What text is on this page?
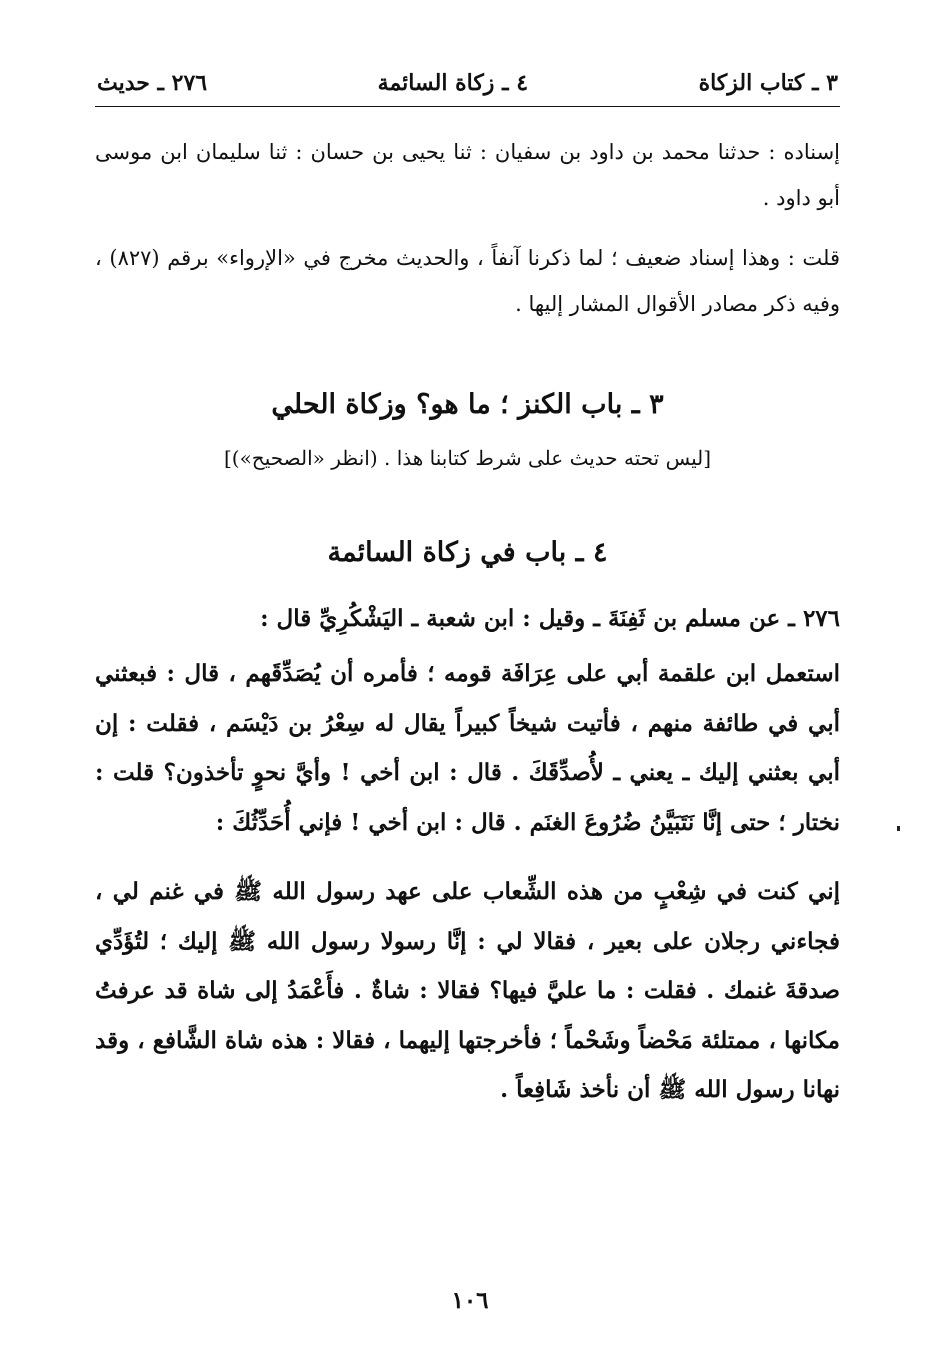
٣ ـ كتاب الزكاة
٤ ـ زكاة السائمة
٢٧٦ ـ حديث

إسناده : حدثنا محمد بن داود بن سفيان : ثنا يحيى بن حسان : ثنا سليمان ابن موسى أبو داود .

قلت : وهذا إسناد ضعيف ؛ لما ذكرنا آنفاً ، والحديث مخرج في «الإرواء» برقم (٨٢٧) ، وفيه ذكر مصادر الأقوال المشار إليها .

٣ ـ باب الكنز ؛ ما هو؟ وزكاة الحلي

[ليس تحته حديث على شرط كتابنا هذا . (انظر «الصحيح»)]

٤ ـ باب في زكاة السائمة

٢٧٦ ـ عن مسلم بن ثَفِنَةَ ـ وقيل : ابن شعبة ـ اليَشْكُرِيِّ قال :

استعمل ابن علقمة أبي على عِرَافَة قومه ؛ فأمره أن يُصَدِّقَهم ، قال : فبعثني أبي في طائفة منهم ، فأتيت شيخاً كبيراً يقال له سِعْرُ بن دَيْسَم ، فقلت : إن أبي بعثني إليك ـ يعني ـ لأُصدِّقَكَ . قال : ابن أخي ! وأيَّ نحوٍ تأخذون؟ قلت : نختار ؛ حتى إنَّا نَتَبَيَّنُ ضُرُوعَ الغنَم . قال : ابن أخي ! فإني أُحَدِّثُكَ :

إني كنت في شِعْبٍ من هذه الشِّعاب على عهد رسول الله ﷺ في غنم لي ، فجاءني رجلان على بعير ، فقالا لي : إنَّا رسولا رسول الله ﷺ إليك ؛ لتُؤَدِّي صدقةَ غنمك . فقلت : ما عليَّ فيها؟ فقالا : شاةٌ . فأَعْمَدُ إلى شاة قد عرفتُ مكانها ، ممتلئة مَحْضاً وشَحْماً ؛ فأخرجتها إليهما ، فقالا : هذه شاة الشَّافع ، وقد نهانا رسول الله ﷺ أن نأخذ شَافِعاً .

١٠٦
